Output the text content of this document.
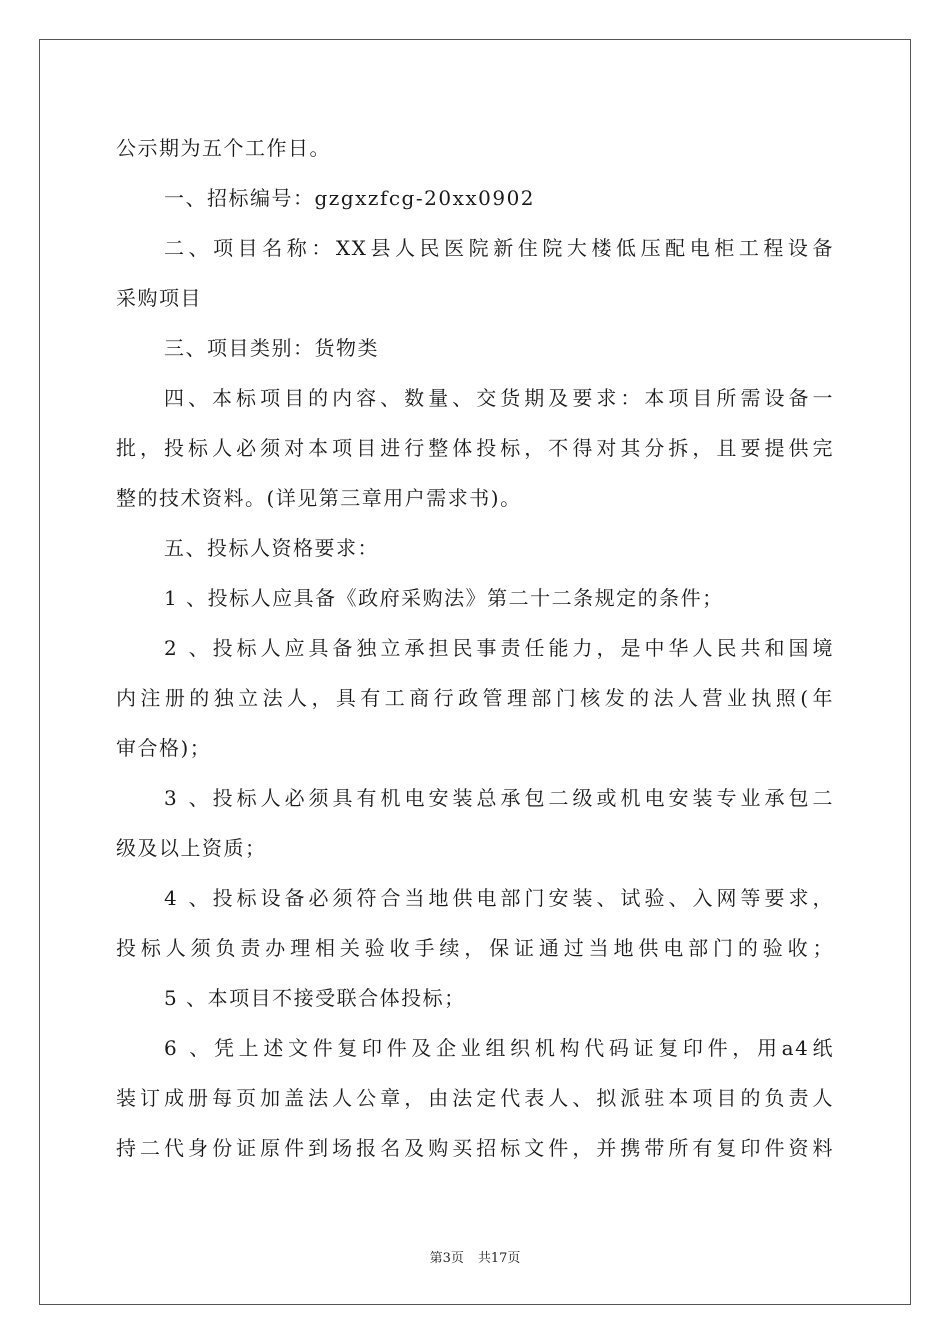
公示期为五个工作日。
一、招标编号：gzgxzfcg-20xx0902
二、项目名称：XX县人民医院新住院大楼低压配电柜工程设备
采购项目
三、项目类别：货物类
四、本标项目的内容、数量、交货期及要求：本项目所需设备一
批，投标人必须对本项目进行整体投标，不得对其分拆，且要提供完
整的技术资料。(详见第三章用户需求书)。
五、投标人资格要求：
1 、投标人应具备《政府采购法》第二十二条规定的条件；
2 、投标人应具备独立承担民事责任能力，是中华人民共和国境
内注册的独立法人，具有工商行政管理部门核发的法人营业执照(年
审合格)；
3 、投标人必须具有机电安装总承包二级或机电安装专业承包二
级及以上资质；
4 、投标设备必须符合当地供电部门安装、试验、入网等要求，
投标人须负责办理相关验收手续，保证通过当地供电部门的验收；
5 、本项目不接受联合体投标；
6 、凭上述文件复印件及企业组织机构代码证复印件，用a4纸
装订成册每页加盖法人公章，由法定代表人、拟派驻本项目的负责人
持二代身份证原件到场报名及购买招标文件，并携带所有复印件资料
第3页 共17页
